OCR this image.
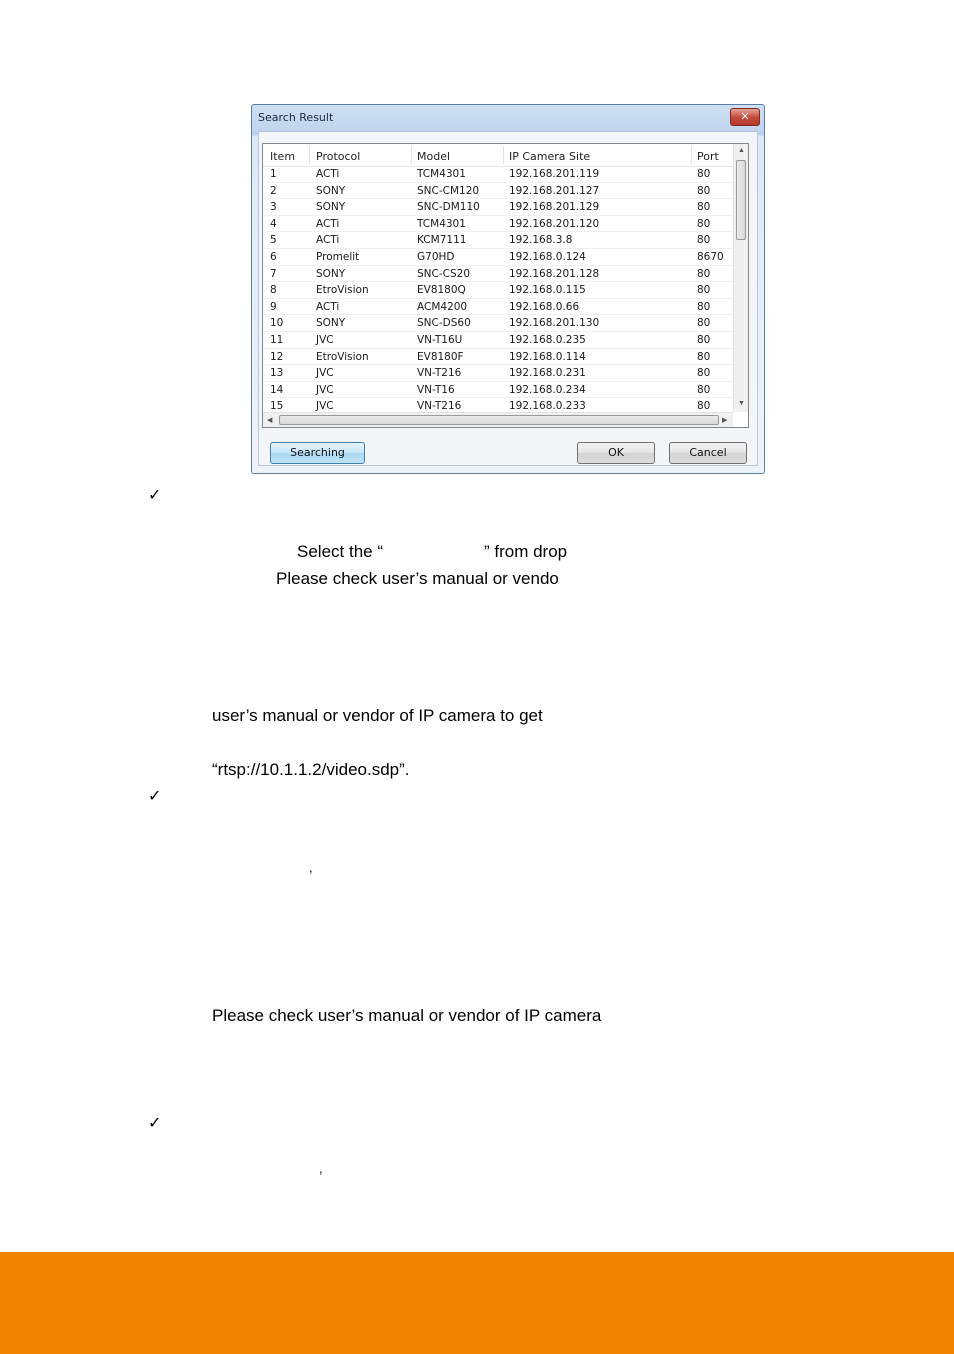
Search Result	✕
Item Protocol	Model	IP Camera Site	Port
1	ACTi	TCM4301	192.168.201.119	80
2	SONY	SNC-CM120	192.168.201.127	80
3	SONY	SNC-DM110	192.168.201.129	80
4	ACTi	TCM4301	192.168.201.120	80
5	ACTi	KCM7111	192.168.3.8	80
6	Promelit	G70HD	192.168.0.124	8670
7	SONY	SNC-CS20	192.168.201.128	80
8	EtroVision	EV8180Q	192.168.0.115	80
9	ACTi	ACM4200	192.168.0.66	80
10	SONY	SNC-DS60	192.168.201.130	80
11	JVC	VN-T16U	192.168.0.235	80
12	EtroVision	EV8180F	192.168.0.114	80
13	JVC	VN-T216	192.168.0.231	80
14	JVC	VN-T16	192.168.0.234	80
15	JVC	VN-T216	192.168.0.233	80
▲
▼
◀	▶
Searching	OK	Cancel
✓
Select the “	” from drop
Please check user’s manual or vendo
user’s manual or vendor of IP camera to get
“rtsp://10.1.1.2/video.sdp”.
✓
,
Please check user’s manual or vendor of IP camera
✓
,
